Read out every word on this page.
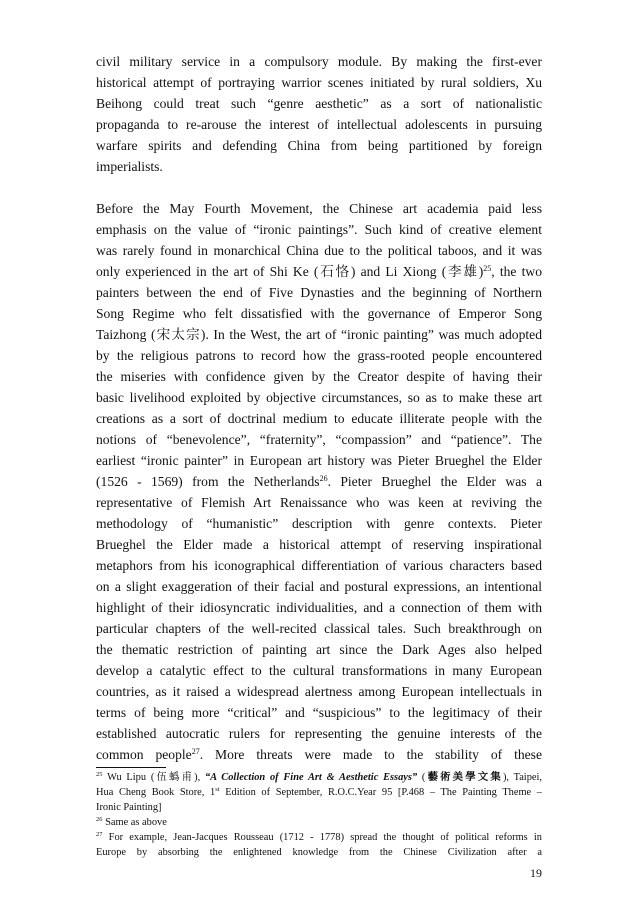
civil military service in a compulsory module. By making the first-ever
historical attempt of portraying warrior scenes initiated by rural soldiers, Xu
Beihong could treat such “genre aesthetic” as a sort of nationalistic
propaganda to re-arouse the interest of intellectual adolescents in pursuing
warfare spirits and defending China from being partitioned by foreign
imperialists.
Before the May Fourth Movement, the Chinese art academia paid less
emphasis on the value of “ironic paintings”. Such kind of creative element
was rarely found in monarchical China due to the political taboos, and it was
only experienced in the art of Shi Ke (石恪) and Li Xiong (李雄)$^{25}$, the two
painters between the end of Five Dynasties and the beginning of Northern
Song Regime who felt dissatisfied with the governance of Emperor Song
Taizhong (宋太宗). In the West, the art of “ironic painting” was much adopted
by the religious patrons to record how the grass-rooted people encountered
the miseries with confidence given by the Creator despite of having their
basic livelihood exploited by objective circumstances, so as to make these art
creations as a sort of doctrinal medium to educate illiterate people with the
notions of “benevolence”, “fraternity”, “compassion” and “patience”. The
earliest “ironic painter” in European art history was Pieter Brueghel the Elder
(1526 - 1569) from the Netherlands$^{26}$. Pieter Brueghel the Elder was a
representative of Flemish Art Renaissance who was keen at reviving the
methodology of “humanistic” description with genre contexts. Pieter
Brueghel the Elder made a historical attempt of reserving inspirational
metaphors from his iconographical differentiation of various characters based
on a slight exaggeration of their facial and postural expressions, an intentional
highlight of their idiosyncratic individualities, and a connection of them with
particular chapters of the well-recited classical tales. Such breakthrough on
the thematic restriction of painting art since the Dark Ages also helped
develop a catalytic effect to the cultural transformations in many European
countries, as it raised a widespread alertness among European intellectuals in
terms of being more “critical” and “suspicious” to the legitimacy of their
established autocratic rulers for representing the genuine interests of the
common people$^{27}$. More threats were made to the stability of these
$^{25}$ Wu Lipu (伍蟡甫), “A Collection of Fine Art & Aesthetic Essays” (藝術美學文集), Taipei,
Hua Cheng Book Store, 1st Edition of September, R.O.C.Year 95 [P.468 – The Painting Theme –
Ironic Painting]
$^{26}$ Same as above
$^{27}$ For example, Jean-Jacques Rousseau (1712 - 1778) spread the thought of political reforms in
Europe by absorbing the enlightened knowledge from the Chinese Civilization after a
19
